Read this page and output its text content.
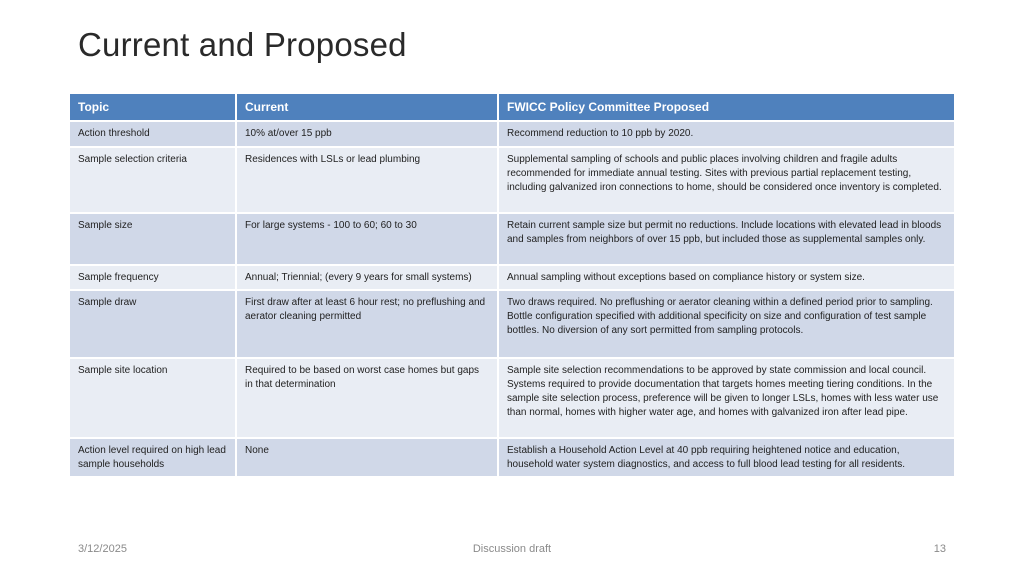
Current and Proposed
Topic	Current	FWICC Policy Committee Proposed
Action threshold	10% at/over 15 ppb	Recommend reduction to 10 ppb by 2020.
Sample selection criteria	Residences with LSLs or lead plumbing	Supplemental sampling of schools and public places involving children and fragile adults recommended for immediate annual testing. Sites with previous partial replacement testing, including galvanized iron connections to home, should be considered once inventory is completed.
Sample size	For large systems - 100 to 60; 60 to 30	Retain current sample size but permit no reductions. Include locations with elevated lead in bloods and samples from neighbors of over 15 ppb, but included those as supplemental samples only.
Sample frequency	Annual; Triennial; (every 9 years for small systems)	Annual sampling without exceptions based on compliance history or system size.
Sample draw	First draw after at least 6 hour rest; no preflushing and aerator cleaning permitted	Two draws required. No preflushing or aerator cleaning within a defined period prior to sampling. Bottle configuration specified with additional specificity on size and configuration of test sample bottles. No diversion of any sort permitted from sampling protocols.
Sample site location	Required to be based on worst case homes but gaps in that determination	Sample site selection recommendations to be approved by state commission and local council. Systems required to provide documentation that targets homes meeting tiering conditions. In the sample site selection process, preference will be given to longer LSLs, homes with less water use than normal, homes with higher water age, and homes with galvanized iron after lead pipe.
Action level required on high lead sample households	None	Establish a Household Action Level at 40 ppb requiring heightened notice and education, household water system diagnostics, and access to full blood lead testing for all residents.
3/12/2025	Discussion draft	13
